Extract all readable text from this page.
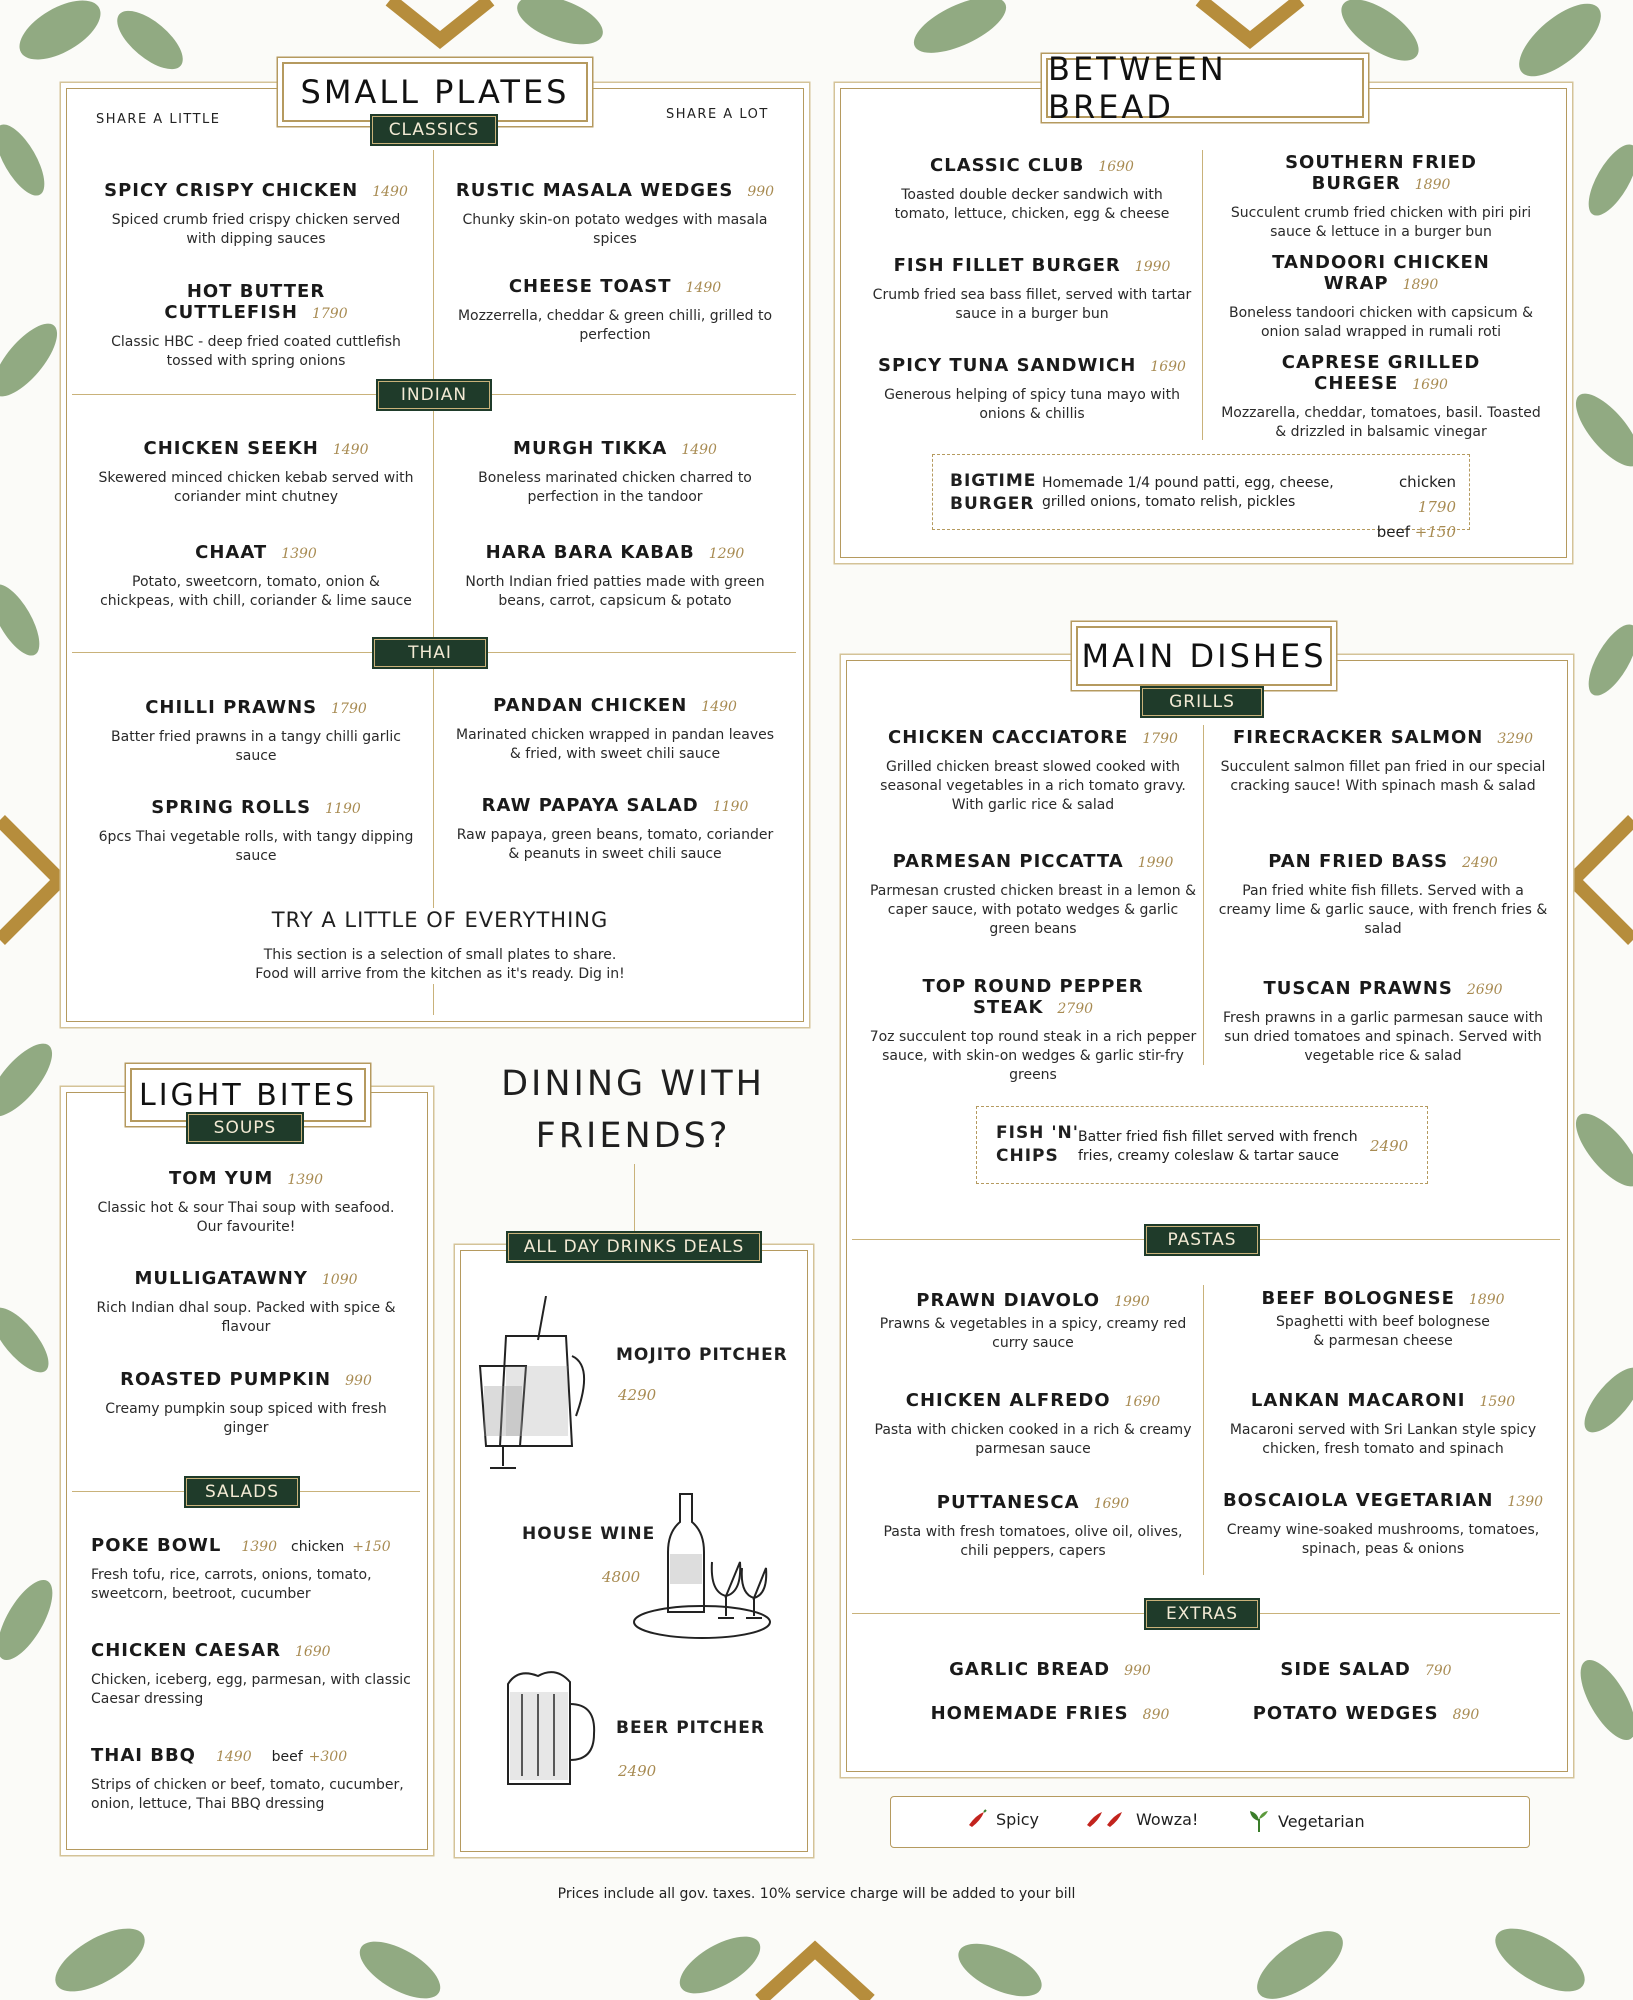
SMALL PLATES
SHARE A LITTLE	SHARE A LOT
CLASSICS
SPICY CRISPY CHICKEN 1490
Spiced crumb fried crispy chicken served with dipping sauces
RUSTIC MASALA WEDGES 990
Chunky skin-on potato wedges with masala spices
HOT BUTTER CUTTLEFISH 1790
Classic HBC - deep fried coated cuttlefish tossed with spring onions
CHEESE TOAST 1490
Mozzerrella, cheddar & green chilli, grilled to perfection
INDIAN
CHICKEN SEEKH 1490
Skewered minced chicken kebab served with coriander mint chutney
MURGH TIKKA 1490
Boneless marinated chicken charred to perfection in the tandoor
CHAAT 1390
Potato, sweetcorn, tomato, onion & chickpeas, with chill, coriander & lime sauce
HARA BARA KABAB 1290
North Indian fried patties made with green beans, carrot, capsicum & potato
THAI
CHILLI PRAWNS 1790
Batter fried prawns in a tangy chilli garlic sauce
PANDAN CHICKEN 1490
Marinated chicken wrapped in pandan leaves & fried, with sweet chili sauce
SPRING ROLLS 1190
6pcs Thai vegetable rolls, with tangy dipping sauce
RAW PAPAYA SALAD 1190
Raw papaya, green beans, tomato, coriander & peanuts in sweet chili sauce
TRY A LITTLE OF EVERYTHING
This section is a selection of small plates to share. Food will arrive from the kitchen as it's ready. Dig in!
BETWEEN BREAD
CLASSIC CLUB 1690
Toasted double decker sandwich with tomato, lettuce, chicken, egg & cheese
SOUTHERN FRIED BURGER 1890
Succulent crumb fried chicken with piri piri sauce & lettuce in a burger bun
FISH FILLET BURGER 1990
Crumb fried sea bass fillet, served with tartar sauce in a burger bun
TANDOORI CHICKEN WRAP 1890
Boneless tandoori chicken with capsicum & onion salad wrapped in rumali roti
SPICY TUNA SANDWICH 1690
Generous helping of spicy tuna mayo with onions & chillis
CAPRESE GRILLED CHEESE 1690
Mozzarella, cheddar, tomatoes, basil. Toasted & drizzled in balsamic vinegar
BIGTIME
BURGER
Homemade 1/4 pound patti, egg, cheese, grilled onions, tomato relish, pickles
chicken 1790
beef +150
MAIN DISHES
GRILLS
CHICKEN CACCIATORE 1790
Grilled chicken breast slowed cooked with seasonal vegetables in a rich tomato gravy. With garlic rice & salad
FIRECRACKER SALMON 3290
Succulent salmon fillet pan fried in our special cracking sauce! With spinach mash & salad
PARMESAN PICCATTA 1990
Parmesan crusted chicken breast in a lemon & caper sauce, with potato wedges & garlic green beans
PAN FRIED BASS 2490
Pan fried white fish fillets. Served with a creamy lime & garlic sauce, with french fries & salad
TOP ROUND PEPPER STEAK 2790
7oz succulent top round steak in a rich pepper sauce, with skin-on wedges & garlic stir-fry greens
TUSCAN PRAWNS 2690
Fresh prawns in a garlic parmesan sauce with sun dried tomatoes and spinach. Served with vegetable rice & salad
FISH 'N'
CHIPS
Batter fried fish fillet served with french fries, creamy coleslaw & tartar sauce
2490
PASTAS
PRAWN DIAVOLO 1990
Prawns & vegetables in a spicy, creamy red curry sauce
BEEF BOLOGNESE 1890
Spaghetti with beef bolognese & parmesan cheese
CHICKEN ALFREDO 1690
Pasta with chicken cooked in a rich & creamy parmesan sauce
LANKAN MACARONI 1590
Macaroni served with Sri Lankan style spicy chicken, fresh tomato and spinach
PUTTANESCA 1690
Pasta with fresh tomatoes, olive oil, olives, chili peppers, capers
BOSCAIOLA VEGETARIAN 1390
Creamy wine-soaked mushrooms, tomatoes, spinach, peas & onions
EXTRAS
GARLIC BREAD 990	SIDE SALAD 790
HOMEMADE FRIES 890	POTATO WEDGES 890
Spicy	Wowza!	Vegetarian
LIGHT BITES
SOUPS
TOM YUM 1390
Classic hot & sour Thai soup with seafood. Our favourite!
MULLIGATAWNY 1090
Rich Indian dhal soup. Packed with spice & flavour
ROASTED PUMPKIN 990
Creamy pumpkin soup spiced with fresh ginger
SALADS
POKE BOWL 1390 chicken +150
Fresh tofu, rice, carrots, onions, tomato, sweetcorn, beetroot, cucumber
CHICKEN CAESAR 1690
Chicken, iceberg, egg, parmesan, with classic Caesar dressing
THAI BBQ 1490 beef +300
Strips of chicken or beef, tomato, cucumber, onion, lettuce, Thai BBQ dressing
DINING WITH
FRIENDS?
ALL DAY DRINKS DEALS
MOJITO PITCHER
4290
HOUSE WINE
4800
BEER PITCHER
2490
Prices include all gov. taxes. 10% service charge will be added to your bill
